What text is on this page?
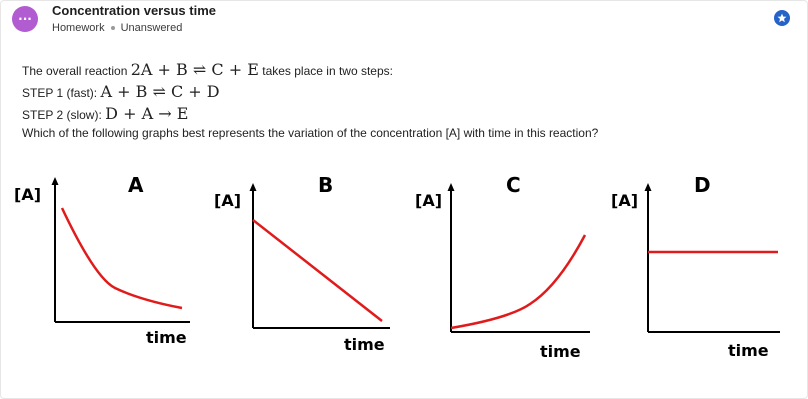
···
Concentration versus time
Homework Unanswered
The overall reaction 2A + B ⇌ C + E takes place in two steps:
STEP 1 (fast): A + B ⇌ C + D
STEP 2 (slow): D + A → E
Which of the following graphs best represents the variation of the concentration [A] with time in this reaction?
A
[A]
time
B
[A]
time
C
[A]
time
D
[A]
time
